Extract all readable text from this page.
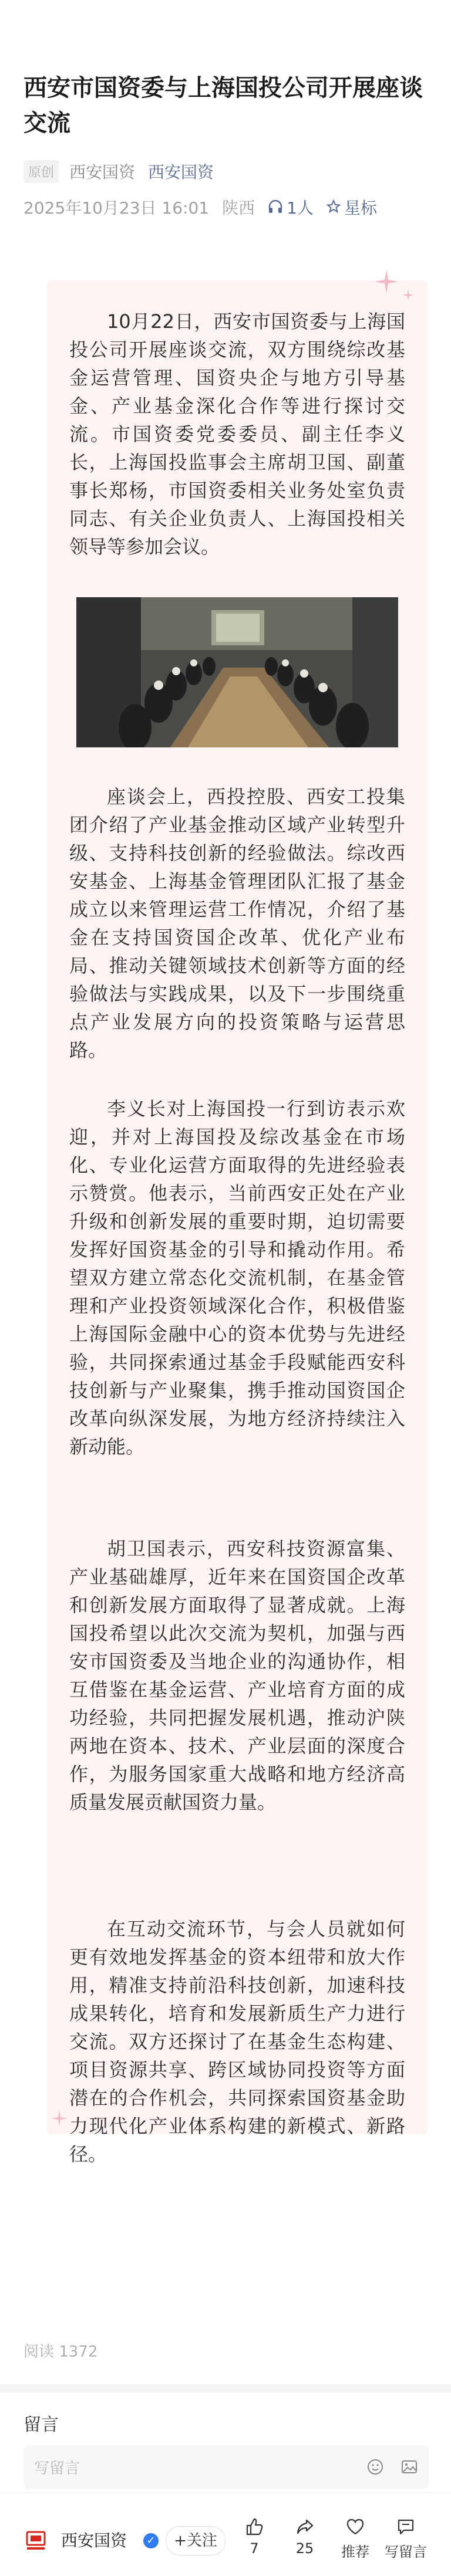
西安市国资委与上海国投公司开展座谈交流
原创 西安国资 西安国资
2025年10月23日 16:01 陕西	1人	星标

10月22日，西安市国资委与上海国投公司开展座谈交流，双方围绕综改基金运营管理、国资央企与地方引导基金、产业基金深化合作等进行探讨交流。市国资委党委委员、副主任李义长，上海国投监事会主席胡卫国、副董事长郑杨，市国资委相关业务处室负责同志、有关企业负责人、上海国投相关领导等参加会议。

座谈会上，西投控股、西安工投集团介绍了产业基金推动区域产业转型升级、支持科技创新的经验做法。综改西安基金、上海基金管理团队汇报了基金成立以来管理运营工作情况，介绍了基金在支持国资国企改革、优化产业布局、推动关键领域技术创新等方面的经验做法与实践成果，以及下一步围绕重点产业发展方向的投资策略与运营思路。

李义长对上海国投一行到访表示欢迎，并对上海国投及综改基金在市场化、专业化运营方面取得的先进经验表示赞赏。他表示，当前西安正处在产业升级和创新发展的重要时期，迫切需要发挥好国资基金的引导和撬动作用。希望双方建立常态化交流机制，在基金管理和产业投资领域深化合作，积极借鉴上海国际金融中心的资本优势与先进经验，共同探索通过基金手段赋能西安科技创新与产业聚集，携手推动国资国企改革向纵深发展，为地方经济持续注入新动能。

胡卫国表示，西安科技资源富集、产业基础雄厚，近年来在国资国企改革和创新发展方面取得了显著成就。上海国投希望以此次交流为契机，加强与西安市国资委及当地企业的沟通协作，相互借鉴在基金运营、产业培育方面的成功经验，共同把握发展机遇，推动沪陕两地在资本、技术、产业层面的深度合作，为服务国家重大战略和地方经济高质量发展贡献国资力量。

在互动交流环节，与会人员就如何更有效地发挥基金的资本纽带和放大作用，精准支持前沿科技创新，加速科技成果转化，培育和发展新质生产力进行交流。双方还探讨了在基金生态构建、项目资源共享、跨区域协同投资等方面潜在的合作机会，共同探索国资基金助力现代化产业体系构建的新模式、新路径。

阅读 1372
留言
写留言
西安国资	✓	+关注	7	25	推荐	写留言
